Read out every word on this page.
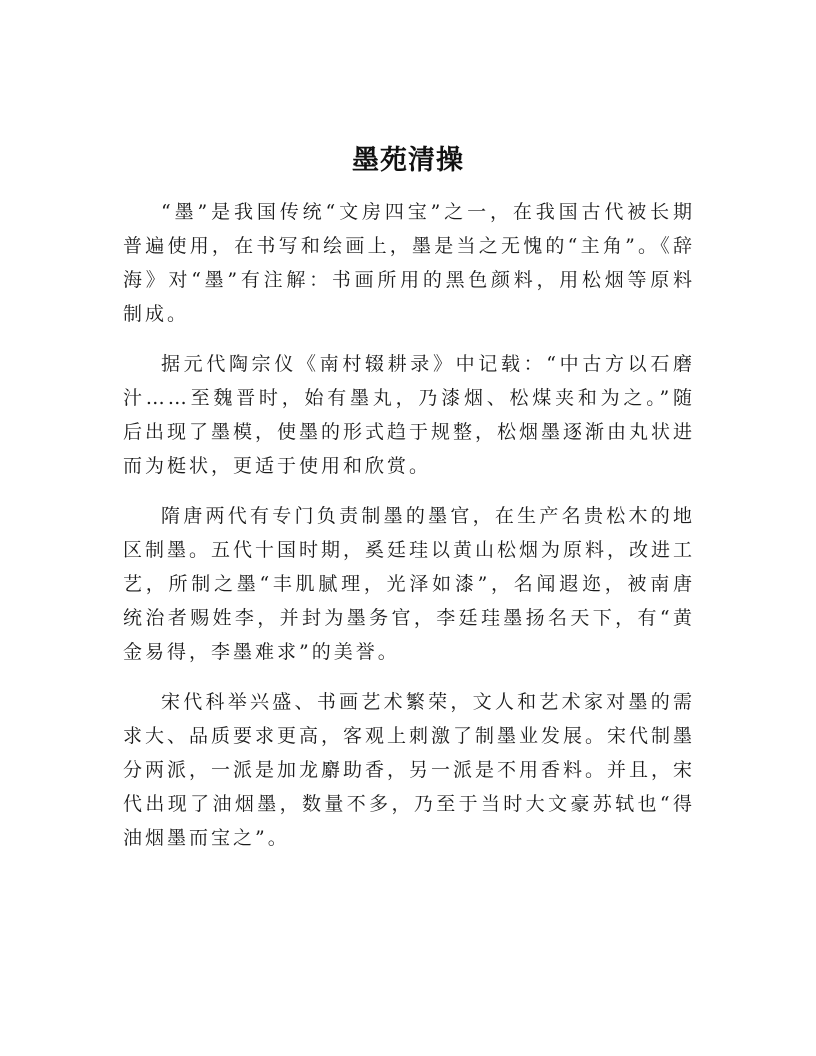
墨苑清操

“墨”是我国传统“文房四宝”之一，在我国古代被长期普遍使用，在书写和绘画上，墨是当之无愧的“主角”。《辞海》对“墨”有注解：书画所用的黑色颜料，用松烟等原料制成。

据元代陶宗仪《南村辍耕录》中记载：“中古方以石磨汁……至魏晋时，始有墨丸，乃漆烟、松煤夹和为之。”随后出现了墨模，使墨的形式趋于规整，松烟墨逐渐由丸状进而为梃状，更适于使用和欣赏。

隋唐两代有专门负责制墨的墨官，在生产名贵松木的地区制墨。五代十国时期，奚廷珪以黄山松烟为原料，改进工艺，所制之墨“丰肌腻理，光泽如漆”，名闻遐迩，被南唐统治者赐姓李，并封为墨务官，李廷珪墨扬名天下，有“黄金易得，李墨难求”的美誉。

宋代科举兴盛、书画艺术繁荣，文人和艺术家对墨的需求大、品质要求更高，客观上刺激了制墨业发展。宋代制墨分两派，一派是加龙麝助香，另一派是不用香料。并且，宋代出现了油烟墨，数量不多，乃至于当时大文豪苏轼也“得油烟墨而宝之”。
